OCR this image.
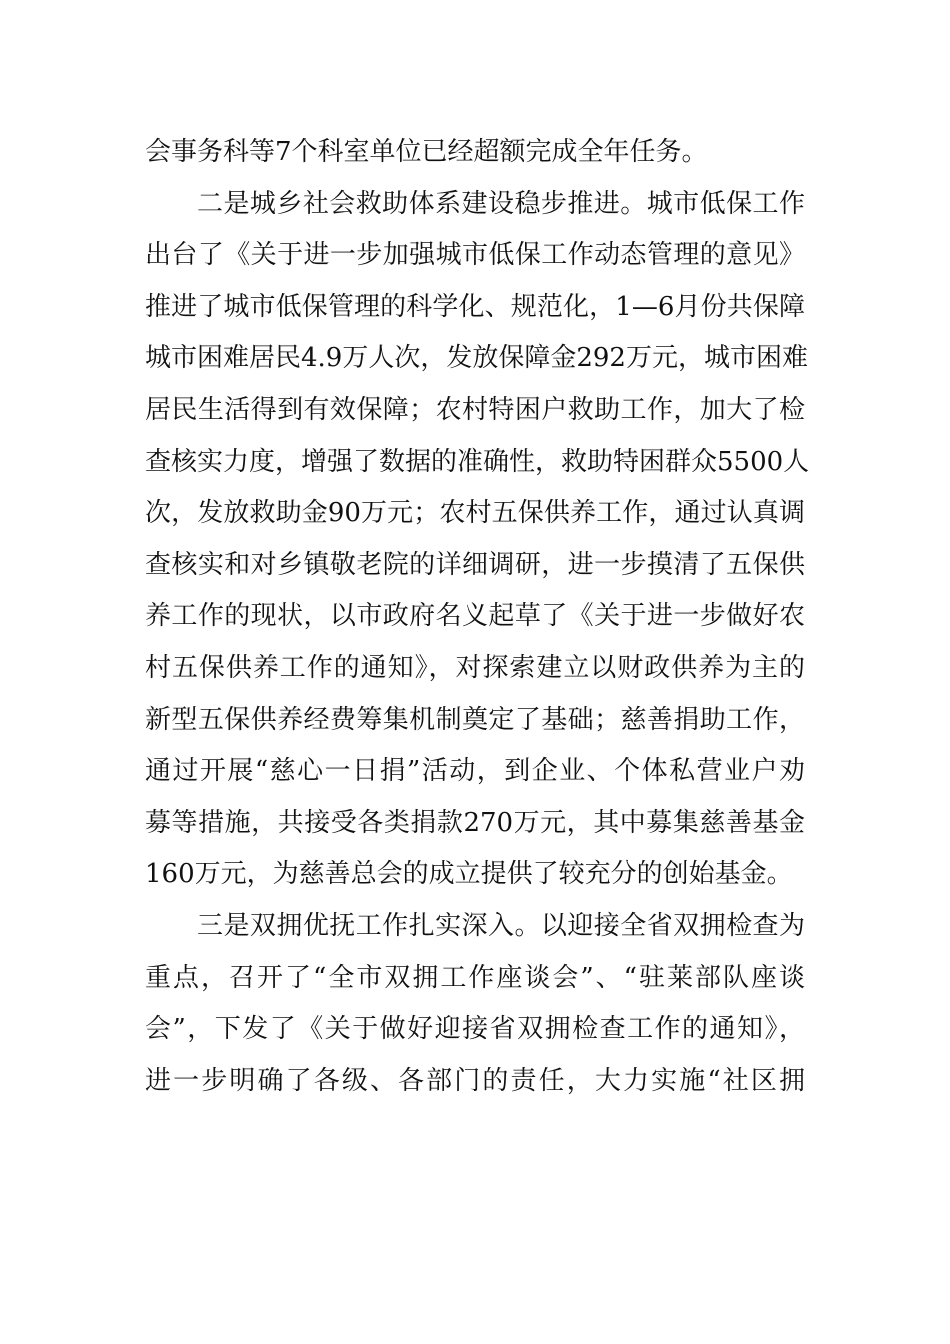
会事务科等7个科室单位已经超额完成全年任务。
二是城乡社会救助体系建设稳步推进。城市低保工作
出台了《关于进一步加强城市低保工作动态管理的意见》
推进了城市低保管理的科学化、规范化，1—6月份共保障
城市困难居民4.9万人次，发放保障金292万元，城市困难
居民生活得到有效保障；农村特困户救助工作，加大了检
查核实力度，增强了数据的准确性，救助特困群众5500人
次，发放救助金90万元；农村五保供养工作，通过认真调
查核实和对乡镇敬老院的详细调研，进一步摸清了五保供
养工作的现状，以市政府名义起草了《关于进一步做好农
村五保供养工作的通知》，对探索建立以财政供养为主的
新型五保供养经费筹集机制奠定了基础；慈善捐助工作，
通过开展“慈心一日捐”活动，到企业、个体私营业户劝
募等措施，共接受各类捐款270万元，其中募集慈善基金
160万元，为慈善总会的成立提供了较充分的创始基金。
三是双拥优抚工作扎实深入。以迎接全省双拥检查为
重点，召开了“全市双拥工作座谈会”、“驻莱部队座谈
会”，下发了《关于做好迎接省双拥检查工作的通知》，
进一步明确了各级、各部门的责任，大力实施“社区拥
